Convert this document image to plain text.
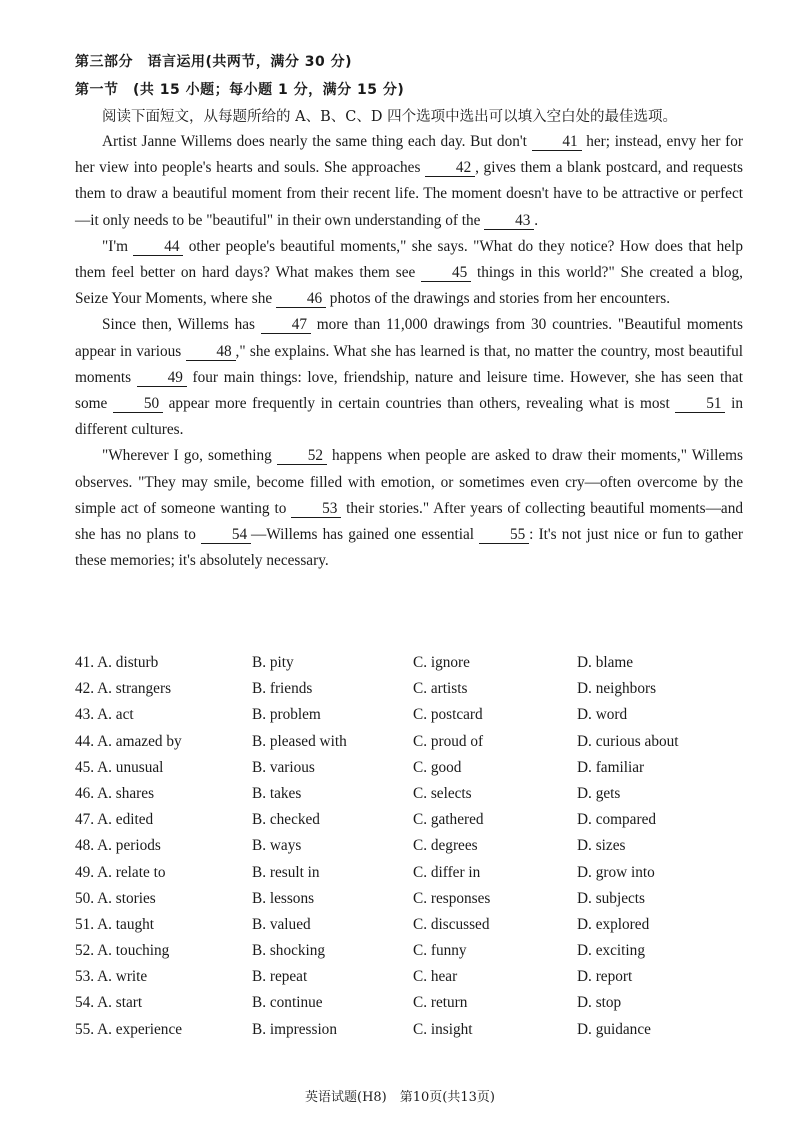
第三部分　语言运用(共两节，满分 30 分)
第一节　(共 15 小题；每小题 1 分，满分 15 分)
阅读下面短文，从每题所给的 A、B、C、D 四个选项中选出可以填入空白处的最佳选项。

Artist Janne Willems does nearly the same thing each day. But don't 41 her; instead, envy her for her view into people's hearts and souls. She approaches 42 , gives them a blank postcard, and requests them to draw a beautiful moment from their recent life. The moment doesn't have to be attractive or perfect —it only needs to be "beautiful" in their own understanding of the 43 .

"I'm 44 other people's beautiful moments," she says. "What do they notice? How does that help them feel better on hard days? What makes them see 45 things in this world?" She created a blog, Seize Your Moments, where she 46 photos of the drawings and stories from her encounters.

Since then, Willems has 47 more than 11,000 drawings from 30 countries. "Beautiful moments appear in various 48 ," she explains. What she has learned is that, no matter the country, most beautiful moments 49 four main things: love, friendship, nature and leisure time. However, she has seen that some 50 appear more frequently in certain countries than others, revealing what is most 51 in different cultures.

"Wherever I go, something 52 happens when people are asked to draw their moments," Willems observes. "They may smile, become filled with emotion, or sometimes even cry—often overcome by the simple act of someone wanting to 53 their stories." After years of collecting beautiful moments—and she has no plans to 54 —Willems has gained one essential 55 : It's not just nice or fun to gather these memories; it's absolutely necessary.

41. A. disturb	B. pity	C. ignore	D. blame
42. A. strangers	B. friends	C. artists	D. neighbors
43. A. act	B. problem	C. postcard	D. word
44. A. amazed by	B. pleased with	C. proud of	D. curious about
45. A. unusual	B. various	C. good	D. familiar
46. A. shares	B. takes	C. selects	D. gets
47. A. edited	B. checked	C. gathered	D. compared
48. A. periods	B. ways	C. degrees	D. sizes
49. A. relate to	B. result in	C. differ in	D. grow into
50. A. stories	B. lessons	C. responses	D. subjects
51. A. taught	B. valued	C. discussed	D. explored
52. A. touching	B. shocking	C. funny	D. exciting
53. A. write	B. repeat	C. hear	D. report
54. A. start	B. continue	C. return	D. stop
55. A. experience	B. impression	C. insight	D. guidance
英语试题(H8)　第10页(共13页)
